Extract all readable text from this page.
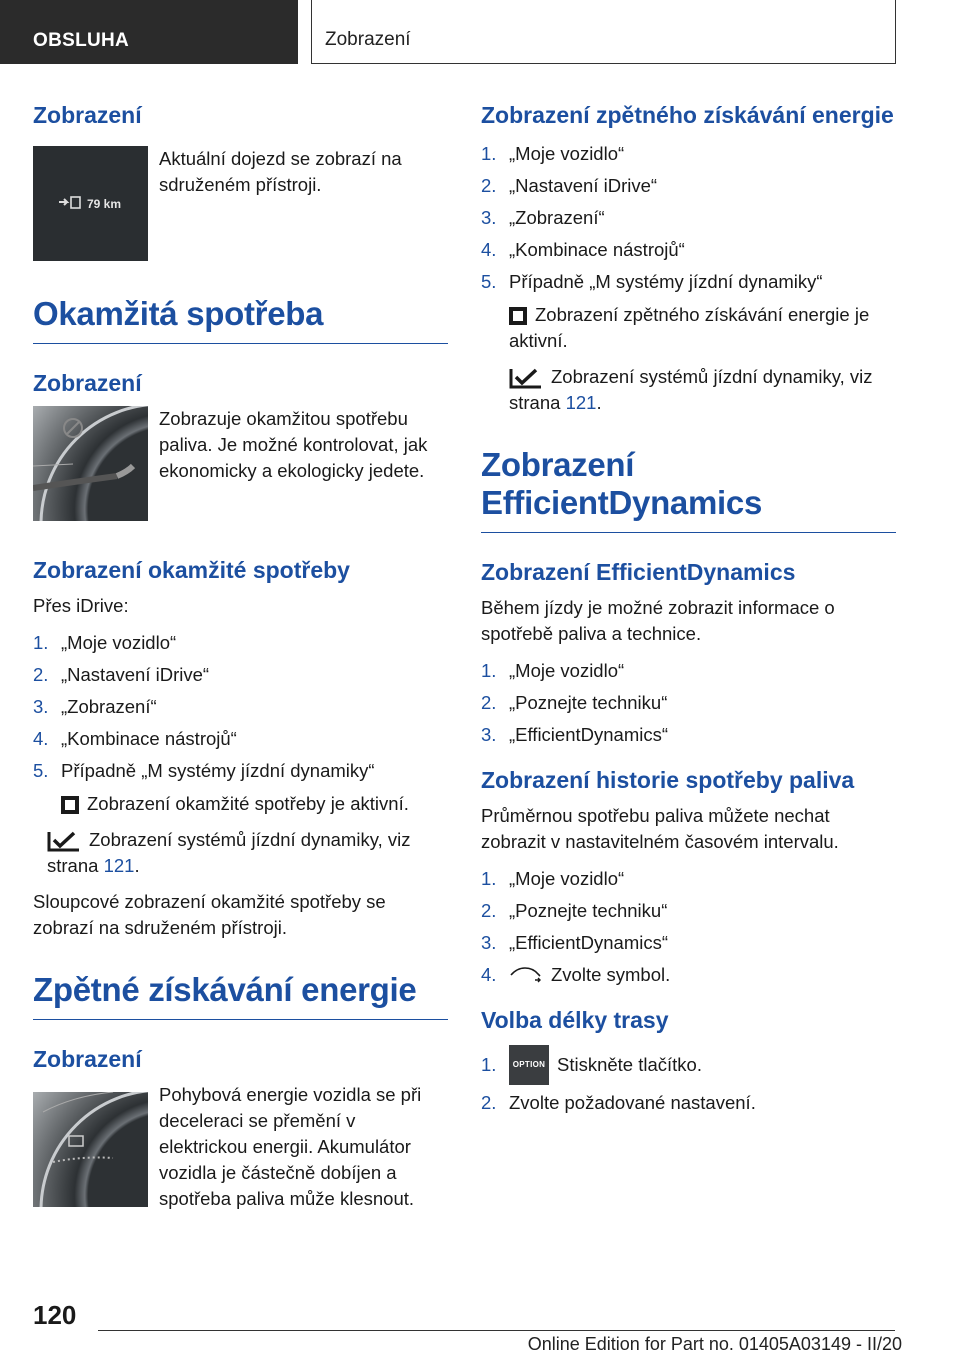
OBSLUHA	Zobrazení
Zobrazení
79 km
Aktuální dojezd se zobrazí na sdruženém přístroji.
Okamžitá spotřeba
Zobrazení
Zobrazuje okamžitou spotřebu paliva. Je možné kontrolovat, jak ekonomicky a ekologicky jedete.
Zobrazení okamžité spotřeby

Přes iDrive:

1. „Moje vozidlo“
2. „Nastavení iDrive“
3. „Zobrazení“
4. „Kombinace nástrojů“
5. Případně „M systémy jízdní dynamiky“
Zobrazení okamžité spotřeby je aktivní.
Zobrazení systémů jízdní dynamiky, viz strana 121.

Sloupcové zobrazení okamžité spotřeby se zobrazí na sdruženém přístroji.

Zpětné získávání energie
Zobrazení
Pohybová energie vozidla se při deceleraci se přemění v elektrickou energii. Akumulátor vozidla je částečně dobíjen a spotřeba paliva může klesnout.
Zobrazení zpětného získávání energie
1. „Moje vozidlo“
2. „Nastavení iDrive“
3. „Zobrazení“
4. „Kombinace nástrojů“
5. Případně „M systémy jízdní dynamiky“
Zobrazení zpětného získávání energie je aktivní.
Zobrazení systémů jízdní dynamiky, viz strana 121.
Zobrazení EfficientDynamics
Zobrazení EfficientDynamics

Během jízdy je možné zobrazit informace o spotřebě paliva a technice.

1. „Moje vozidlo“
2. „Poznejte techniku“
3. „EfficientDynamics“
Zobrazení historie spotřeby paliva

Průměrnou spotřebu paliva můžete nechat zobrazit v nastavitelném časovém intervalu.

1. „Moje vozidlo“
2. „Poznejte techniku“
3. „EfficientDynamics“
4.	Zvolte symbol.
Volba délky trasy
1.	OPTION Stiskněte tlačítko.
2. Zvolte požadované nastavení.
120
Online Edition for Part no. 01405A03149 - II/20
